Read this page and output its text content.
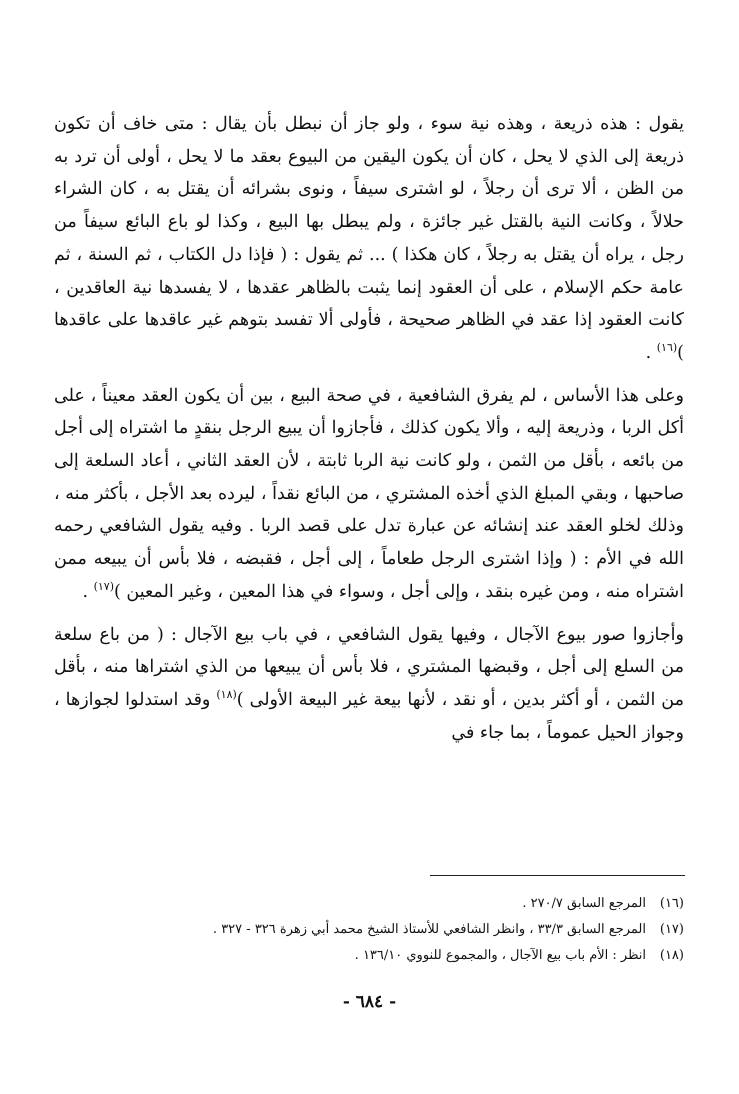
يقول : هذه ذريعة ، وهذه نية سوء ، ولو جاز أن نبطل بأن يقال : متى خاف أن تكون ذريعة إلى الذي لا يحل ، كان أن يكون اليقين من البيوع بعقد ما لا يحل ، أولى أن ترد به من الظن ، ألا ترى أن رجلاً ، لو اشترى سيفاً ، ونوى بشرائه أن يقتل به ، كان الشراء حلالاً ، وكانت النية بالقتل غير جائزة ، ولم يبطل بها البيع ، وكذا لو باع البائع سيفاً من رجل ، يراه أن يقتل به رجلاً ، كان هكذا ) ... ثم يقول : ( فإذا دل الكتاب ، ثم السنة ، ثم عامة حكم الإسلام ، على أن العقود إنما يثبت بالظاهر عقدها ، لا يفسدها نية العاقدين ، كانت العقود إذا عقد في الظاهر صحيحة ، فأولى ألا تفسد بتوهم غير عاقدها على عاقدها )$^{(١٦)}$ .

وعلى هذا الأساس ، لم يفرق الشافعية ، في صحة البيع ، بين أن يكون العقد معيناً ، على أكل الربا ، وذريعة إليه ، وألا يكون كذلك ، فأجازوا أن يبيع الرجل بنقدٍ ما اشتراه إلى أجل من بائعه ، بأقل من الثمن ، ولو كانت نية الربا ثابتة ، لأن العقد الثاني ، أعاد السلعة إلى صاحبها ، وبقي المبلغ الذي أخذه المشتري ، من البائع نقداً ، ليرده بعد الأجل ، بأكثر منه ، وذلك لخلو العقد عند إنشائه عن عبارة تدل على قصد الربا . وفيه يقول الشافعي رحمه الله في الأم : ( وإذا اشترى الرجل طعاماً ، إلى أجل ، فقبضه ، فلا بأس أن يبيعه ممن اشتراه منه ، ومن غيره بنقد ، وإلى أجل ، وسواء في هذا المعين ، وغير المعين )$^{(١٧)}$ .

وأجازوا صور بيوع الآجال ، وفيها يقول الشافعي ، في باب بيع الآجال : ( من باع سلعة من السلع إلى أجل ، وقبضها المشتري ، فلا بأس أن يبيعها من الذي اشتراها منه ، بأقل من الثمن ، أو أكثر بدين ، أو نقد ، لأنها بيعة غير البيعة الأولى )$^{(١٨)}$ وقد استدلوا لجوازها ، وجواز الحيل عموماً ، بما جاء في

(١٦)
المرجع السابق ٢٧٠/٧ .
(١٧)
المرجع السابق ٣٣/٣ ، وانظر الشافعي للأستاذ الشيخ محمد أبي زهرة ٣٢٦ - ٣٢٧ .
(١٨)
انظر : الأم باب بيع الآجال ، والمجموع للنووي ١٣٦/١٠ .
- ٦٨٤ -
